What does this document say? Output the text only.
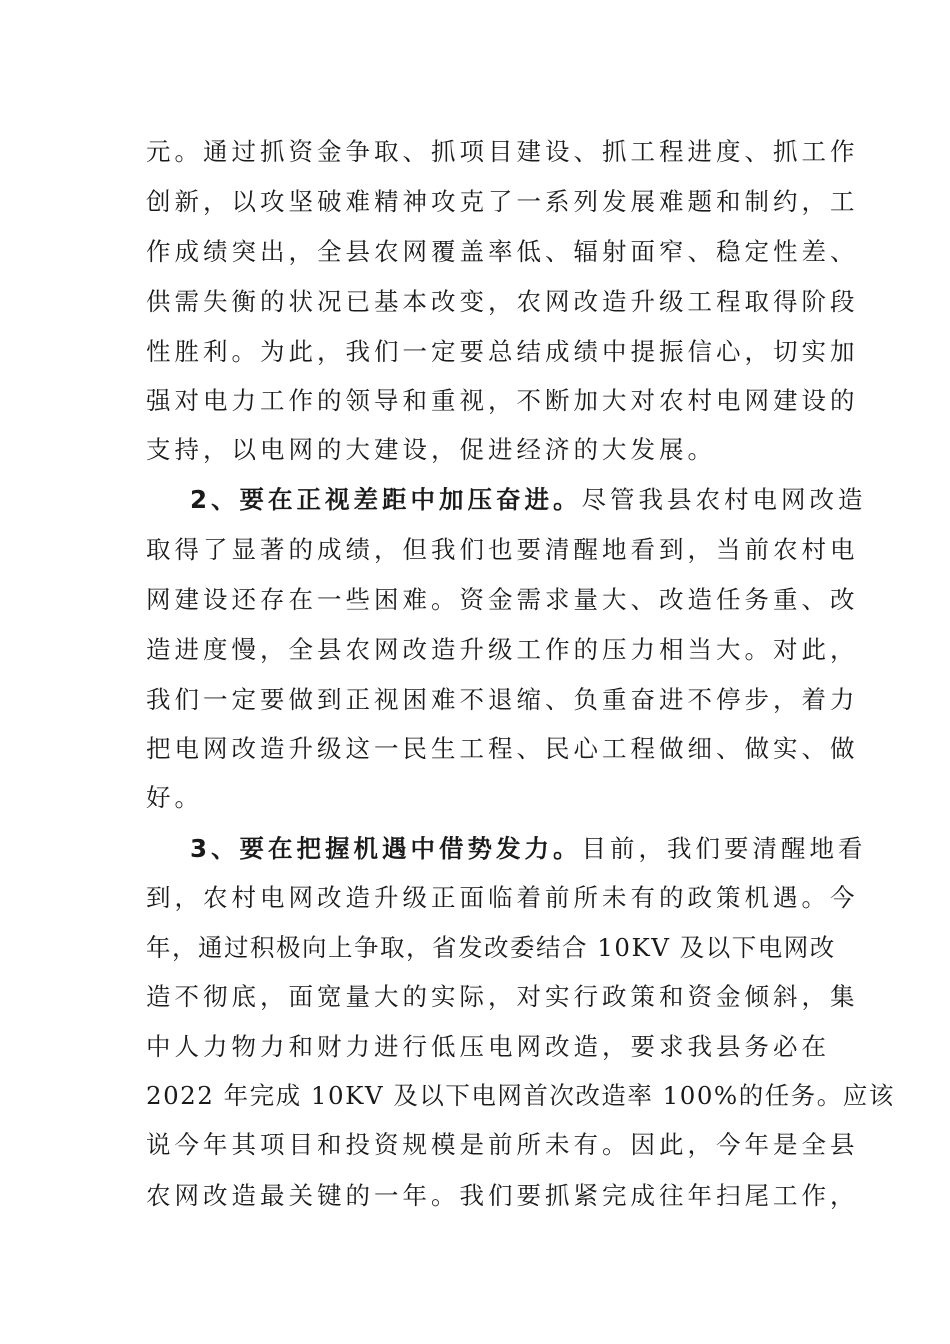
元。通过抓资金争取、抓项目建设、抓工程进度、抓工作
创新，以攻坚破难精神攻克了一系列发展难题和制约，工
作成绩突出，全县农网覆盖率低、辐射面窄、稳定性差、
供需失衡的状况已基本改变，农网改造升级工程取得阶段
性胜利。为此，我们一定要总结成绩中提振信心，切实加
强对电力工作的领导和重视，不断加大对农村电网建设的
支持，以电网的大建设，促进经济的大发展。
2、要在正视差距中加压奋进。尽管我县农村电网改造
取得了显著的成绩，但我们也要清醒地看到，当前农村电
网建设还存在一些困难。资金需求量大、改造任务重、改
造进度慢，全县农网改造升级工作的压力相当大。对此，
我们一定要做到正视困难不退缩、负重奋进不停步，着力
把电网改造升级这一民生工程、民心工程做细、做实、做
好。
3、要在把握机遇中借势发力。目前，我们要清醒地看
到，农村电网改造升级正面临着前所未有的政策机遇。今
年，通过积极向上争取，省发改委结合 10KV 及以下电网改
造不彻底，面宽量大的实际，对实行政策和资金倾斜，集
中人力物力和财力进行低压电网改造，要求我县务必在
2022 年完成 10KV 及以下电网首次改造率 100%的任务。应该
说今年其项目和投资规模是前所未有。因此，今年是全县
农网改造最关键的一年。我们要抓紧完成往年扫尾工作，
